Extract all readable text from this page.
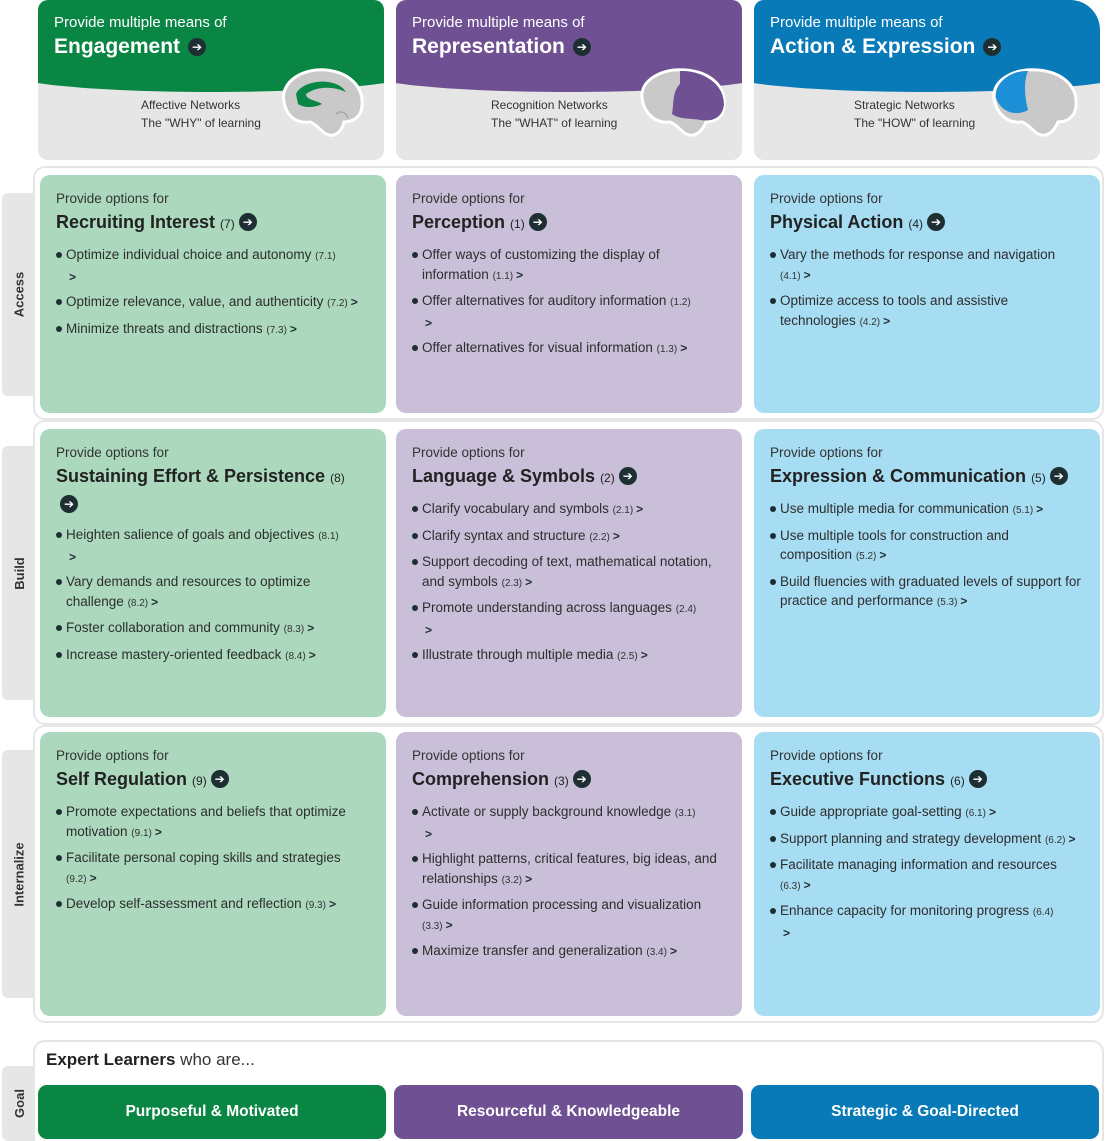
Provide multiple means of
Engagement ➔
Affective Networks
The "WHY" of learning
Provide multiple means of
Representation ➔
Recognition Networks
The "WHAT" of learning
Provide multiple means of
Action & Expression ➔
Strategic Networks
The "HOW" of learning
Access
Build
Internalize
Provide options for
Recruiting Interest (7) ➔
Optimize individual choice and autonomy (7.1)
>
Optimize relevance, value, and authenticity (7.2) >
Minimize threats and distractions (7.3) >
Provide options for
Perception (1) ➔
Offer ways of customizing the display of information (1.1) >
Offer alternatives for auditory information (1.2)
>
Offer alternatives for visual information (1.3) >
Provide options for
Physical Action (4) ➔
Vary the methods for response and navigation (4.1) >
Optimize access to tools and assistive technologies (4.2) >
Provide options for
Sustaining Effort & Persistence (8)
➔
Heighten salience of goals and objectives (8.1)
>
Vary demands and resources to optimize challenge (8.2) >
Foster collaboration and community (8.3) >
Increase mastery-oriented feedback (8.4) >
Provide options for
Language & Symbols (2) ➔
Clarify vocabulary and symbols (2.1) >
Clarify syntax and structure (2.2) >
Support decoding of text, mathematical notation, and symbols (2.3) >
Promote understanding across languages (2.4)
>
Illustrate through multiple media (2.5) >
Provide options for
Expression & Communication (5) ➔
Use multiple media for communication (5.1) >
Use multiple tools for construction and composition (5.2) >
Build fluencies with graduated levels of support for practice and performance (5.3) >
Provide options for
Self Regulation (9) ➔
Promote expectations and beliefs that optimize motivation (9.1) >
Facilitate personal coping skills and strategies (9.2) >
Develop self-assessment and reflection (9.3) >
Provide options for
Comprehension (3) ➔
Activate or supply background knowledge (3.1)
>
Highlight patterns, critical features, big ideas, and relationships (3.2) >
Guide information processing and visualization (3.3) >
Maximize transfer and generalization (3.4) >
Provide options for
Executive Functions (6) ➔
Guide appropriate goal-setting (6.1) >
Support planning and strategy development (6.2) >
Facilitate managing information and resources (6.3) >
Enhance capacity for monitoring progress (6.4)
>
Goal
Expert Learners who are...
Purposeful & Motivated	Resourceful & Knowledgeable	Strategic & Goal-Directed
